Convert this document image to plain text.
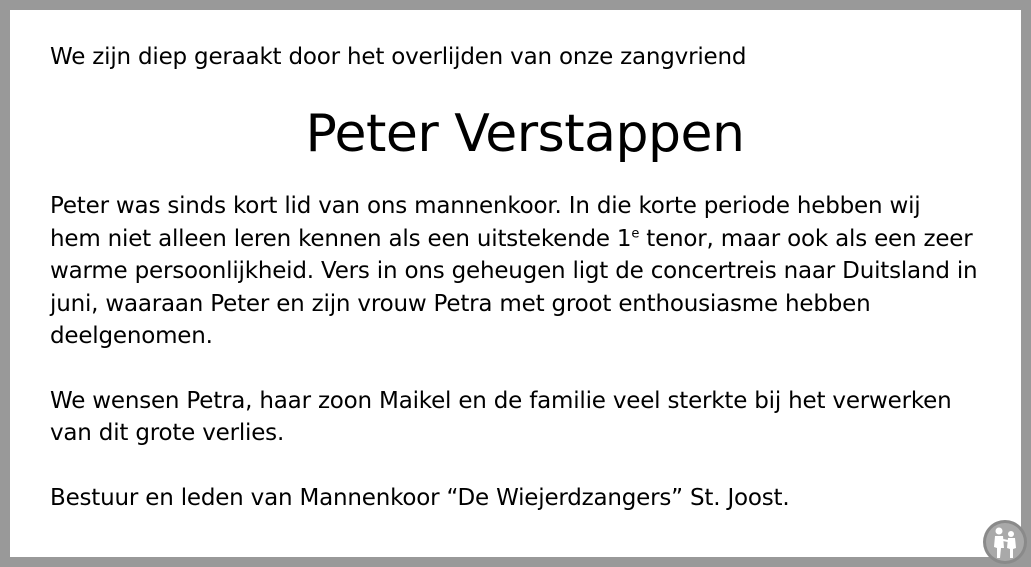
We zijn diep geraakt door het overlijden van onze zangvriend
Peter Verstappen
Peter was sinds kort lid van ons mannenkoor. In die korte periode hebben wij
hem niet alleen leren kennen als een uitstekende 1e tenor, maar ook als een zeer
warme persoonlijkheid. Vers in ons geheugen ligt de concertreis naar Duitsland in
juni, waaraan Peter en zijn vrouw Petra met groot enthousiasme hebben
deelgenomen.
We wensen Petra, haar zoon Maikel en de familie veel sterkte bij het verwerken
van dit grote verlies.
Bestuur en leden van Mannenkoor “De Wiejerdzangers” St. Joost.
